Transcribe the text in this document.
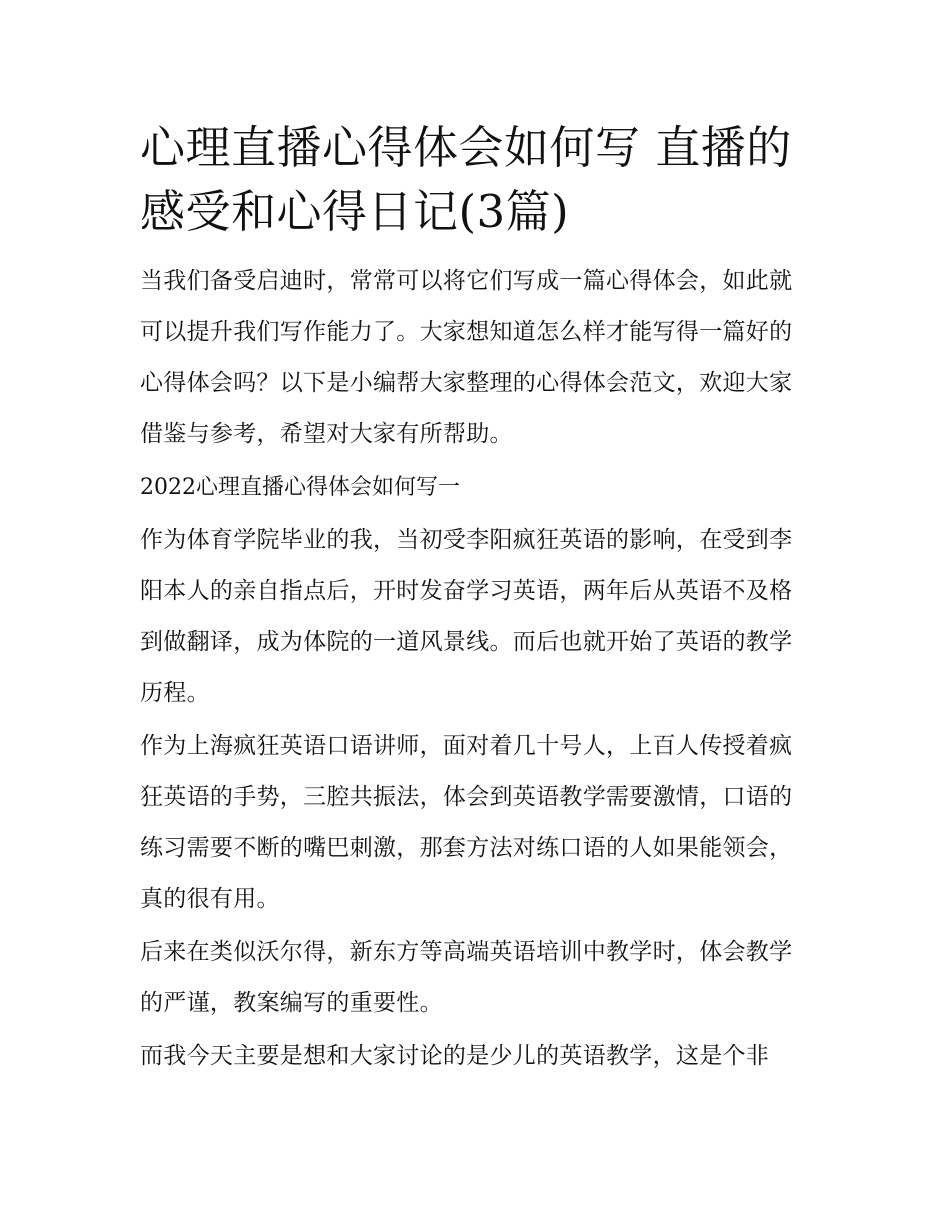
心理直播心得体会如何写 直播的感受和心得日记(3篇)

当我们备受启迪时，常常可以将它们写成一篇心得体会，如此就可以提升我们写作能力了。大家想知道怎么样才能写得一篇好的心得体会吗？以下是小编帮大家整理的心得体会范文，欢迎大家借鉴与参考，希望对大家有所帮助。

2022心理直播心得体会如何写一

作为体育学院毕业的我，当初受李阳疯狂英语的影响，在受到李阳本人的亲自指点后，开时发奋学习英语，两年后从英语不及格到做翻译，成为体院的一道风景线。而后也就开始了英语的教学历程。

作为上海疯狂英语口语讲师，面对着几十号人，上百人传授着疯狂英语的手势，三腔共振法，体会到英语教学需要激情，口语的练习需要不断的嘴巴刺激，那套方法对练口语的人如果能领会，真的很有用。

后来在类似沃尔得，新东方等高端英语培训中教学时，体会教学的严谨，教案编写的重要性。

而我今天主要是想和大家讨论的是少儿的英语教学，这是个非
